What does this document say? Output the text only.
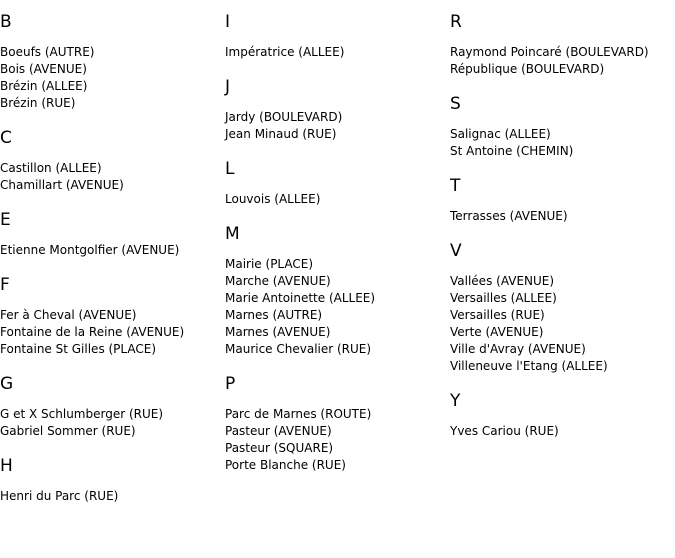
B
Boeufs (AUTRE)
Bois (AVENUE)
Brézin (ALLEE)
Brézin (RUE)
C
Castillon (ALLEE)
Chamillart (AVENUE)
E
Etienne Montgolfier (AVENUE)
F
Fer à Cheval (AVENUE)
Fontaine de la Reine (AVENUE)
Fontaine St Gilles (PLACE)
G
G et X Schlumberger (RUE)
Gabriel Sommer (RUE)
H
Henri du Parc (RUE)
I
Impératrice (ALLEE)
J
Jardy (BOULEVARD)
Jean Minaud (RUE)
L
Louvois (ALLEE)
M
Mairie (PLACE)
Marche (AVENUE)
Marie Antoinette (ALLEE)
Marnes (AUTRE)
Marnes (AVENUE)
Maurice Chevalier (RUE)
P
Parc de Marnes (ROUTE)
Pasteur (AVENUE)
Pasteur (SQUARE)
Porte Blanche (RUE)
R
Raymond Poincaré (BOULEVARD)
République (BOULEVARD)
S
Salignac (ALLEE)
St Antoine (CHEMIN)
T
Terrasses (AVENUE)
V
Vallées (AVENUE)
Versailles (ALLEE)
Versailles (RUE)
Verte (AVENUE)
Ville d'Avray (AVENUE)
Villeneuve l'Etang (ALLEE)
Y
Yves Cariou (RUE)
